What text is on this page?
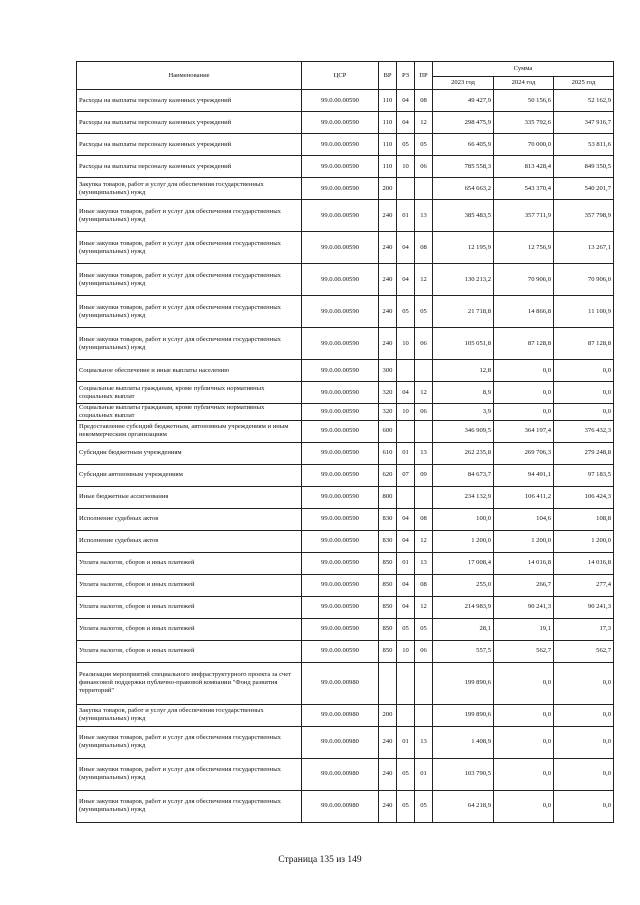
Наименование	ЦСР	ВР	РЗ	ПР	Сумма		
					2023 год	2024 год	2025 год
Расходы на выплаты персоналу казенных учреждений	99.0.00.00590	110	04	08	49 427,9	50 156,6	52 162,9
Расходы на выплаты персоналу казенных учреждений	99.0.00.00590	110	04	12	298 475,9	335 792,6	347 916,7
Расходы на выплаты персоналу казенных учреждений	99.0.00.00590	110	05	05	66 405,9	70 000,0	53 811,6
Расходы на выплаты персоналу казенных учреждений	99.0.00.00590	110	10	06	785 558,3	813 428,4	849 350,5
Закупка товаров, работ и услуг для обеспечения государственных (муниципальных) нужд	99.0.00.00590	200			654 663,2	543 370,4	540 201,7
Иные закупки товаров, работ и услуг для обеспечения государственных (муниципальных) нужд	99.0.00.00590	240	01	13	385 483,5	357 711,9	357 798,9
Иные закупки товаров, работ и услуг для обеспечения государственных (муниципальных) нужд	99.0.00.00590	240	04	08	12 195,9	12 756,9	13 267,1
Иные закупки товаров, работ и услуг для обеспечения государственных (муниципальных) нужд	99.0.00.00590	240	04	12	130 213,2	70 906,0	70 906,0
Иные закупки товаров, работ и услуг для обеспечения государственных (муниципальных) нужд	99.0.00.00590	240	05	05	21 718,8	14 866,8	11 100,9
Иные закупки товаров, работ и услуг для обеспечения государственных (муниципальных) нужд	99.0.00.00590	240	10	06	105 051,8	87 128,8	87 128,8
Социальное обеспечение и иные выплаты населению	99.0.00.00590	300			12,8	0,0	0,0
Социальные выплаты гражданам, кроме публичных нормативных социальных выплат	99.0.00.00590	320	04	12	8,9	0,0	0,0
Социальные выплаты гражданам, кроме публичных нормативных социальных выплат	99.0.00.00590	320	10	06	3,9	0,0	0,0
Предоставление субсидий бюджетным, автономным учреждениям и иным некоммерческим организациям	99.0.00.00590	600			346 909,5	364 197,4	376 432,3
Субсидии бюджетным учреждениям	99.0.00.00590	610	01	13	262 235,8	269 706,3	279 248,8
Субсидии автономным учреждениям	99.0.00.00590	620	07	09	84 673,7	94 491,1	97 183,5
Иные бюджетные ассигнования	99.0.00.00590	800			234 132,9	106 411,2	106 424,3
Исполнение судебных актов	99.0.00.00590	830	04	08	100,0	104,6	108,8
Исполнение судебных актов	99.0.00.00590	830	04	12	1 200,0	1 200,0	1 200,0
Уплата налогов, сборов и иных платежей	99.0.00.00590	850	01	13	17 008,4	14 016,8	14 016,8
Уплата налогов, сборов и иных платежей	99.0.00.00590	850	04	08	255,0	266,7	277,4
Уплата налогов, сборов и иных платежей	99.0.00.00590	850	04	12	214 983,9	90 241,3	90 241,3
Уплата налогов, сборов и иных платежей	99.0.00.00590	850	05	05	28,1	19,1	17,3
Уплата налогов, сборов и иных платежей	99.0.00.00590	850	10	06	557,5	562,7	562,7
Реализация мероприятий специального инфраструктурного проекта за счет финансовой поддержки публично-правовой компании "Фонд развития территорий"	99.0.00.00980				199 890,6	0,0	0,0
Закупка товаров, работ и услуг для обеспечения государственных (муниципальных) нужд	99.0.00.00980	200			199 890,6	0,0	0,0
Иные закупки товаров, работ и услуг для обеспечения государственных (муниципальных) нужд	99.0.00.00980	240	01	13	1 408,9	0,0	0,0
Иные закупки товаров, работ и услуг для обеспечения государственных (муниципальных) нужд	99.0.00.00980	240	05	01	103 790,5	0,0	0,0
Иные закупки товаров, работ и услуг для обеспечения государственных (муниципальных) нужд	99.0.00.00980	240	05	05	64 218,9	0,0	0,0
Страница 135 из 149
